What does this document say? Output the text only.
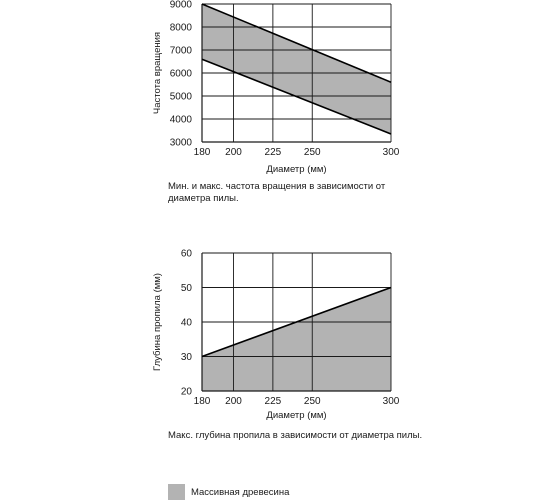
180 200 225 250	300
3000
4000
5000
6000
7000
8000
9000
Диаметр (мм)
Частота вращения
180 200 225 250	300
20
30
40
50
60
Диаметр (мм)
Глубина пропила (мм)
Мин. и макс. частота вращения в зависимости от диаметра пилы.
Макс. глубина пропила в зависимости от диаметра пилы.
Массивная древесина
